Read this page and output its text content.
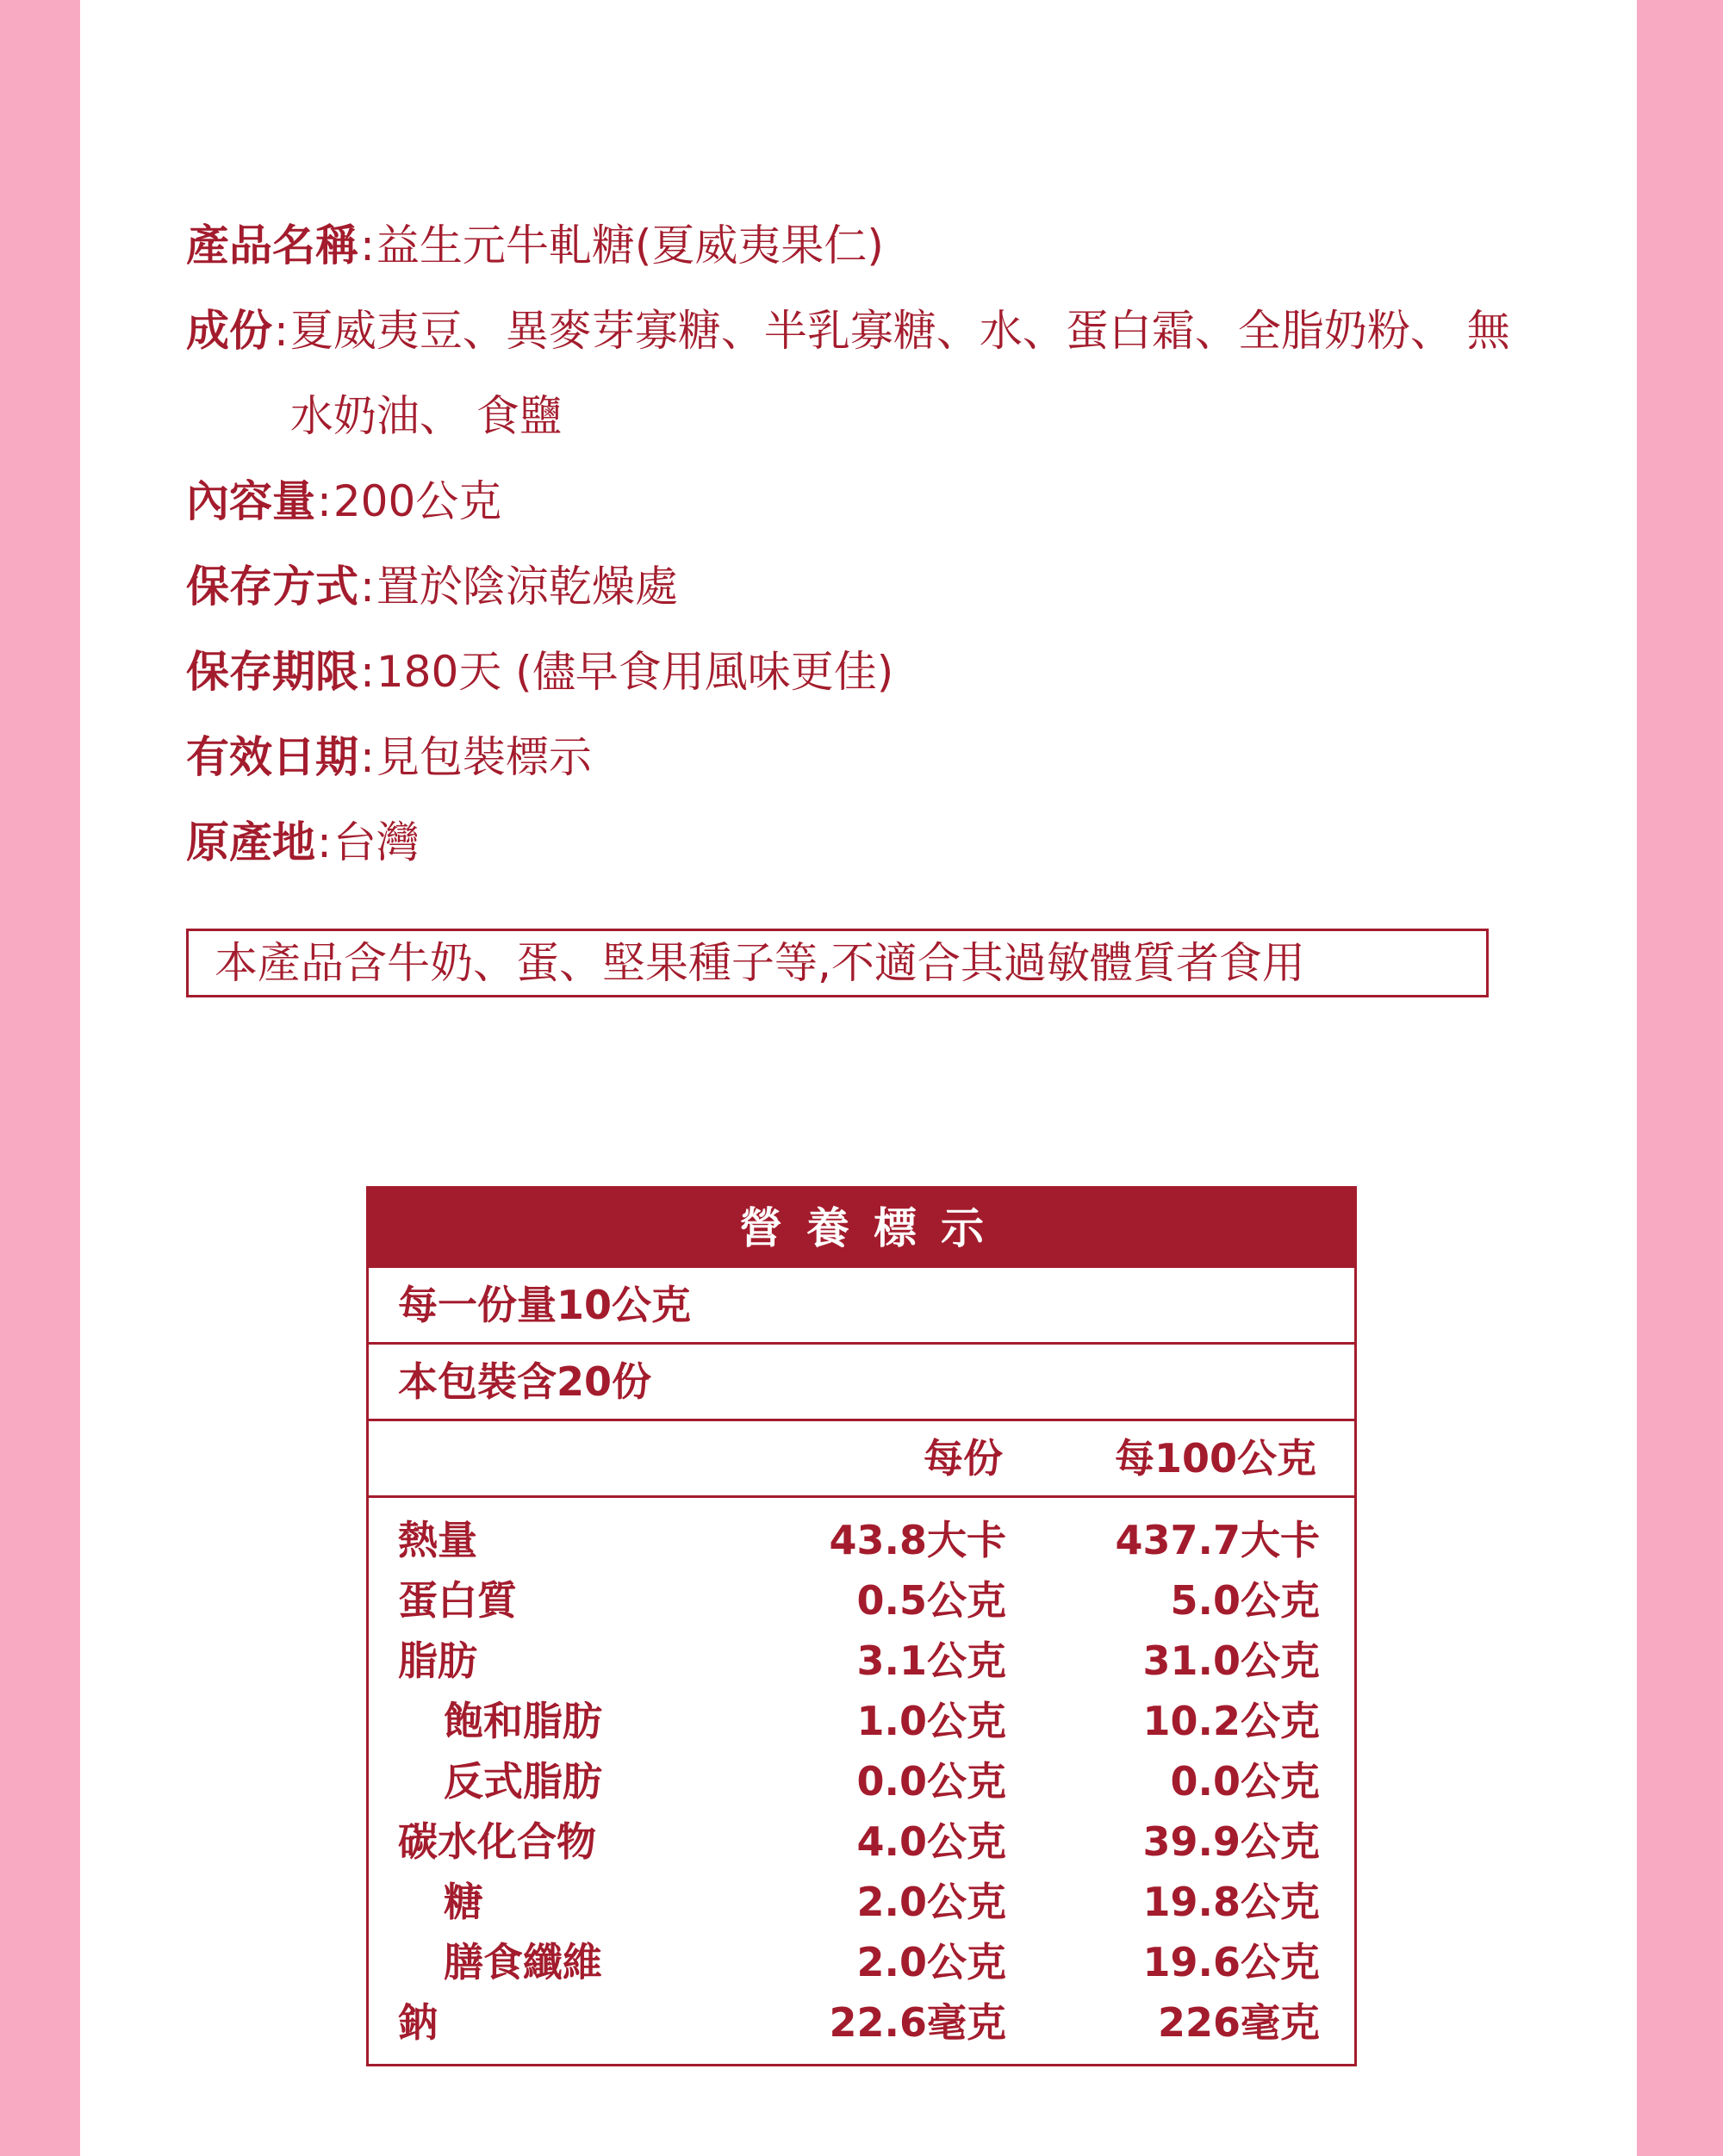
產品名稱 : 益生元牛軋糖(夏威夷果仁)
成份 : 夏威夷豆、異麥芽寡糖、半乳寡糖、水、蛋白霜、全脂奶粉、 無水奶油、 食鹽
內容量 : 200公克
保存方式 : 置於陰涼乾燥處
保存期限 : 180天 (儘早食用風味更佳)
有效日期 : 見包裝標示
原產地 : 台灣
本產品含牛奶、蛋、堅果種子等,不適合其過敏體質者食用
營養標示
每一份量10公克
本包裝含20份
每份	每100公克
熱量	43.8大卡	437.7大卡
蛋白質	0.5公克	5.0公克
脂肪	3.1公克	31.0公克
飽和脂肪	1.0公克	10.2公克
反式脂肪	0.0公克	0.0公克
碳水化合物	4.0公克	39.9公克
糖	2.0公克	19.8公克
膳食纖維	2.0公克	19.6公克
鈉	22.6毫克	226毫克
